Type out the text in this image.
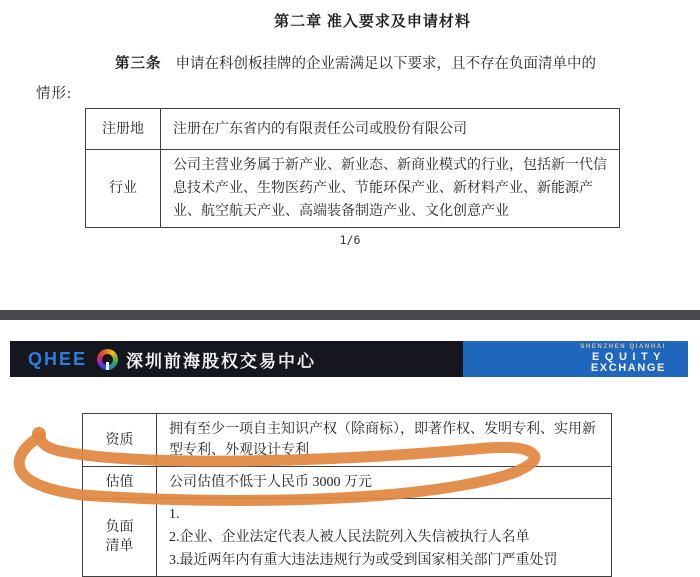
第二章 准入要求及申请材料
第三条 申请在科创板挂牌的企业需满足以下要求，且不存在负面清单中的
情形:
注册地	注册在广东省内的有限责任公司或股份有限公司
行业	公司主营业务属于新产业、新业态、新商业模式的行业，包括新一代信息技术产业、生物医药产业、节能环保产业、新材料产业、新能源产业、航空航天产业、高端装备制造产业、文化创意产业
1/6
QHEE 深圳前海股权交易中心
SHENZHEN QIANHAI
EQUITY
EXCHANGE
资质	拥有至少一项自主知识产权（除商标），即著作权、发明专利、实用新型专利、外观设计专利
估值	公司估值不低于人民币 3000 万元
负面清单	1.
2.企业、企业法定代表人被人民法院列入失信被执行人名单
3.最近两年内有重大违法违规行为或受到国家相关部门严重处罚
